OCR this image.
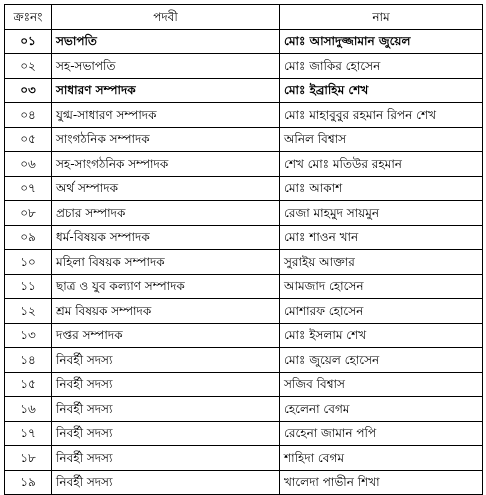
ক্রঃনং	পদবী	নাম
০১	সভাপতি	মোঃ আসাদুজ্জামান জুয়েল
০২	সহ-সভাপতি	মোঃ জাকির হোসেন
০৩	সাধারণ সম্পাদক	মোঃ ইব্রাহিম শেখ
০৪	যুগ্ম-সাধারণ সম্পাদক	মোঃ মাহাবুবুর রহমান রিপন শেখ
০৫	সাংগঠনিক সম্পাদক	অনিল বিশ্বাস
০৬	সহ-সাংগঠনিক সম্পাদক	শেখ মোঃ মতিউর রহমান
০৭	অর্থ সম্পাদক	মোঃ আকাশ
০৮	প্রচার সম্পাদক	রেজা মাহমুদ সায়মুন
০৯	ধর্ম-বিষয়ক সম্পাদক	মোঃ শাওন খান
১০	মহিলা বিষয়ক সম্পাদক	সুরাইয় আক্তার
১১	ছাত্র ও যুব কল্যাণ সম্পাদক	আমজাদ হোসেন
১২	শ্রম বিষয়ক সম্পাদক	মোশারফ হোসেন
১৩	দপ্তর সম্পাদক	মোঃ ইসলাম শেখ
১৪	নিবর্হী সদস্য	মোঃ জুয়েল হোসেন
১৫	নিবর্হী সদস্য	সজিব বিশ্বাস
১৬	নিবর্হী সদস্য	হেলেনা বেগম
১৭	নিবর্হী সদস্য	রেহেনা জামান পপি
১৮	নিবর্হী সদস্য	শাহিদা বেগম
১৯	নিবর্হী সদস্য	খালেদা পাভীন শিখা
